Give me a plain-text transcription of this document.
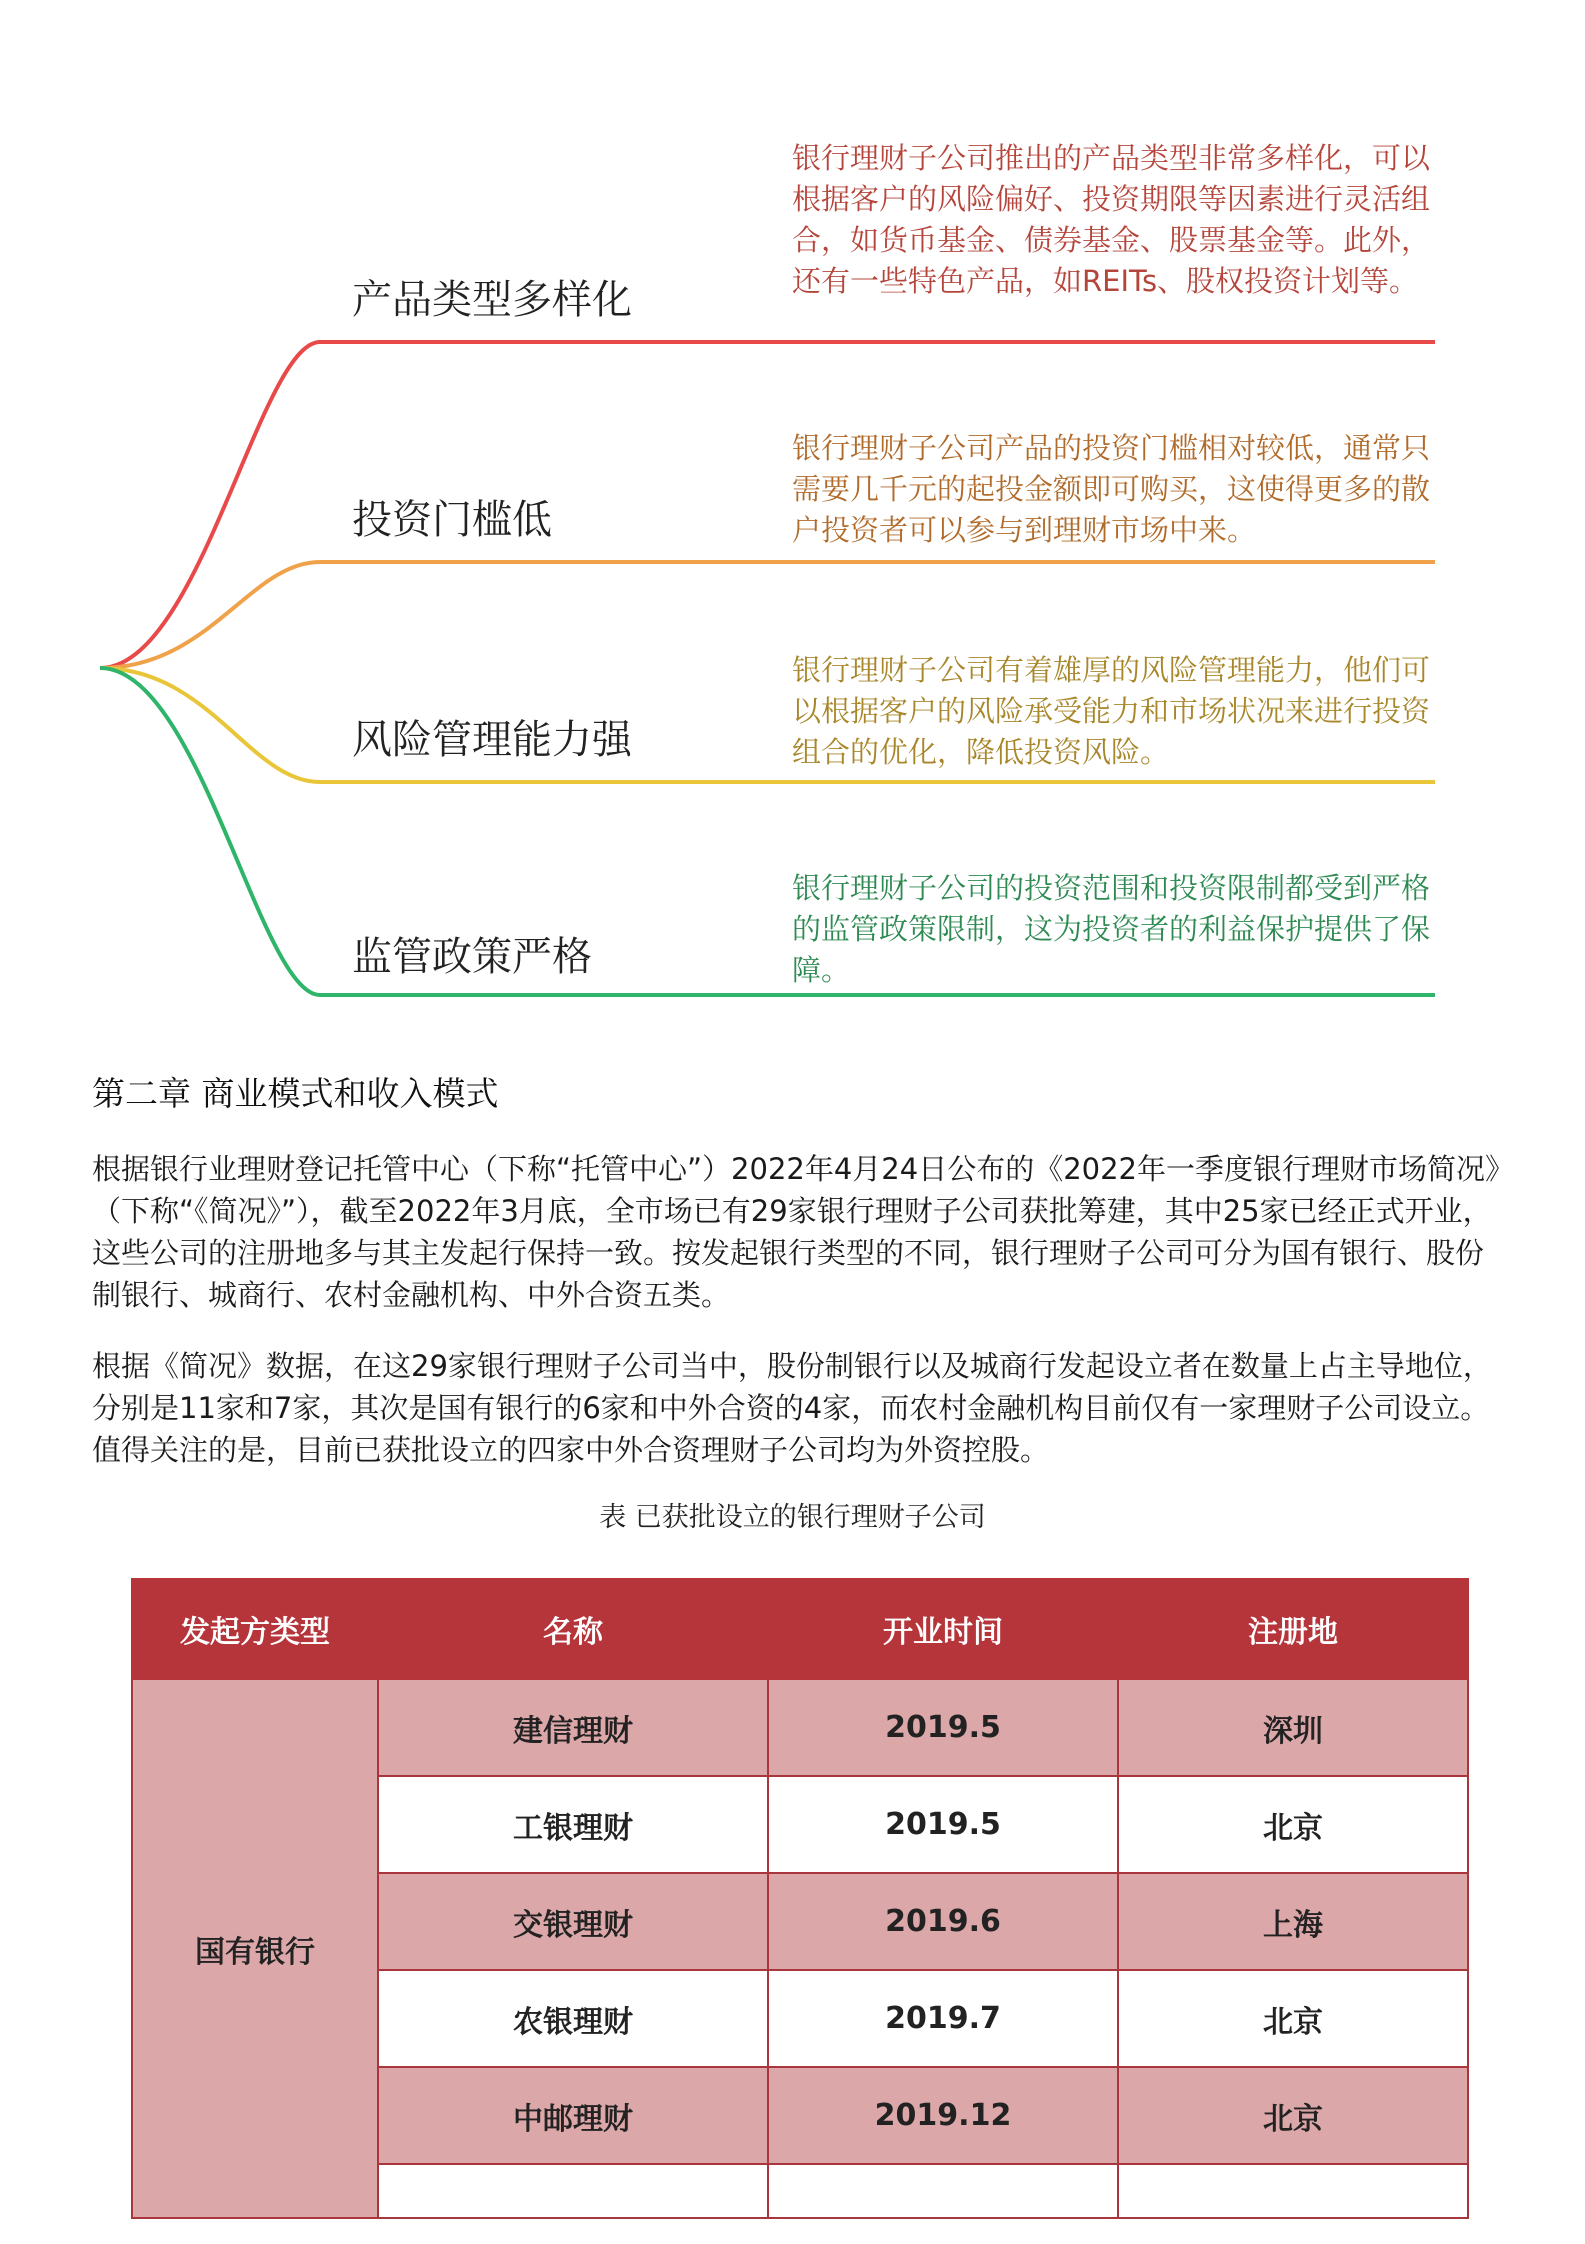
产品类型多样化
投资门槛低
风险管理能力强
监管政策严格
银行理财子公司推出的产品类型非常多样化，可以根据客户的风险偏好、投资期限等因素进行灵活组合，如货币基金、债券基金、股票基金等。此外，还有一些特色产品，如REITs、股权投资计划等。
银行理财子公司产品的投资门槛相对较低，通常只需要几千元的起投金额即可购买，这使得更多的散户投资者可以参与到理财市场中来。
银行理财子公司有着雄厚的风险管理能力，他们可以根据客户的风险承受能力和市场状况来进行投资组合的优化，降低投资风险。
银行理财子公司的投资范围和投资限制都受到严格的监管政策限制，这为投资者的利益保护提供了保障。
第二章 商业模式和收入模式
根据银行业理财登记托管中心（下称“托管中心”）2022年4月24日公布的《2022年一季度银行理财市场简况》（下称“《简况》”），截至2022年3月底，全市场已有29家银行理财子公司获批筹建，其中25家已经正式开业，这些公司的注册地多与其主发起行保持一致。按发起银行类型的不同，银行理财子公司可分为国有银行、股份制银行、城商行、农村金融机构、中外合资五类。
根据《简况》数据，在这29家银行理财子公司当中，股份制银行以及城商行发起设立者在数量上占主导地位，分别是11家和7家，其次是国有银行的6家和中外合资的4家，而农村金融机构目前仅有一家理财子公司设立。值得关注的是，目前已获批设立的四家中外合资理财子公司均为外资控股。
表 已获批设立的银行理财子公司
发起方类型	名称	开业时间	注册地
国有银行	建信理财	2019.5	深圳
	工银理财	2019.5	北京
	交银理财	2019.6	上海
	农银理财	2019.7	北京
	中邮理财	2019.12	北京
